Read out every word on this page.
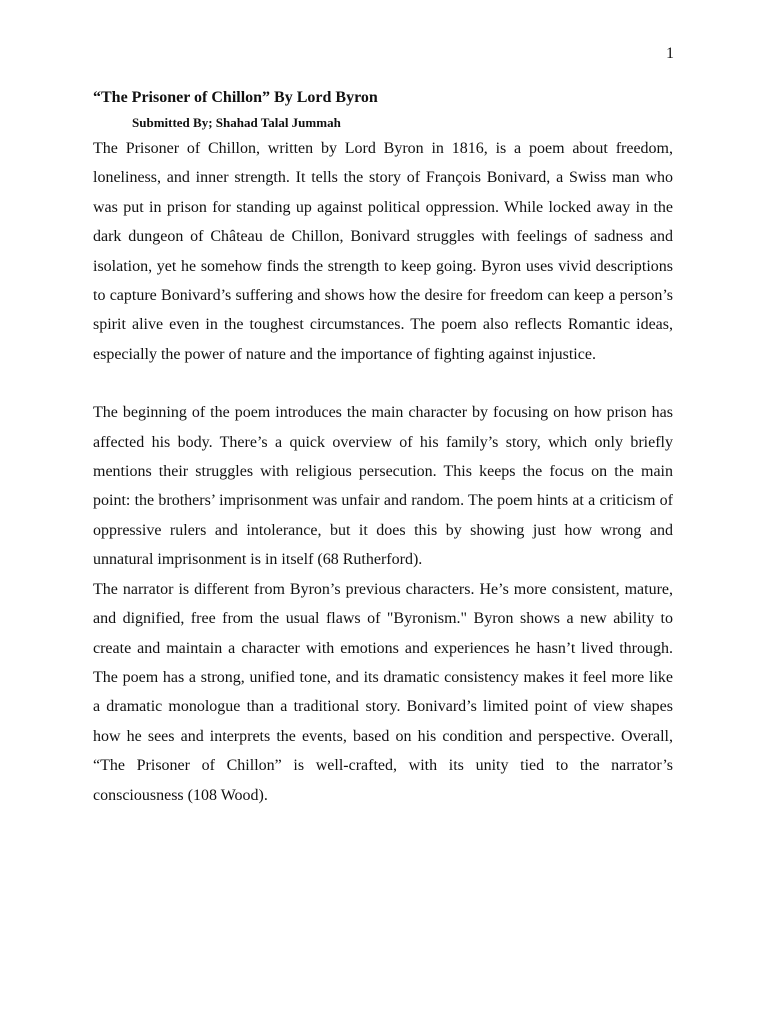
1
“The Prisoner of Chillon” By Lord Byron
Submitted By; Shahad Talal Jummah

The Prisoner of Chillon, written by Lord Byron in 1816, is a poem about freedom, loneliness, and inner strength. It tells the story of François Bonivard, a Swiss man who was put in prison for standing up against political oppression. While locked away in the dark dungeon of Château de Chillon, Bonivard struggles with feelings of sadness and isolation, yet he somehow finds the strength to keep going. Byron uses vivid descriptions to capture Bonivard’s suffering and shows how the desire for freedom can keep a person’s spirit alive even in the toughest circumstances. The poem also reflects Romantic ideas, especially the power of nature and the importance of fighting against injustice.

The beginning of the poem introduces the main character by focusing on how prison has affected his body. There’s a quick overview of his family’s story, which only briefly mentions their struggles with religious persecution. This keeps the focus on the main point: the brothers’ imprisonment was unfair and random. The poem hints at a criticism of oppressive rulers and intolerance, but it does this by showing just how wrong and unnatural imprisonment is in itself (68 Rutherford).

The narrator is different from Byron’s previous characters. He’s more consistent, mature, and dignified, free from the usual flaws of "Byronism." Byron shows a new ability to create and maintain a character with emotions and experiences he hasn’t lived through. The poem has a strong, unified tone, and its dramatic consistency makes it feel more like a dramatic monologue than a traditional story. Bonivard’s limited point of view shapes how he sees and interprets the events, based on his condition and perspective. Overall, “The Prisoner of Chillon” is well-crafted, with its unity tied to the narrator’s consciousness (108 Wood).
